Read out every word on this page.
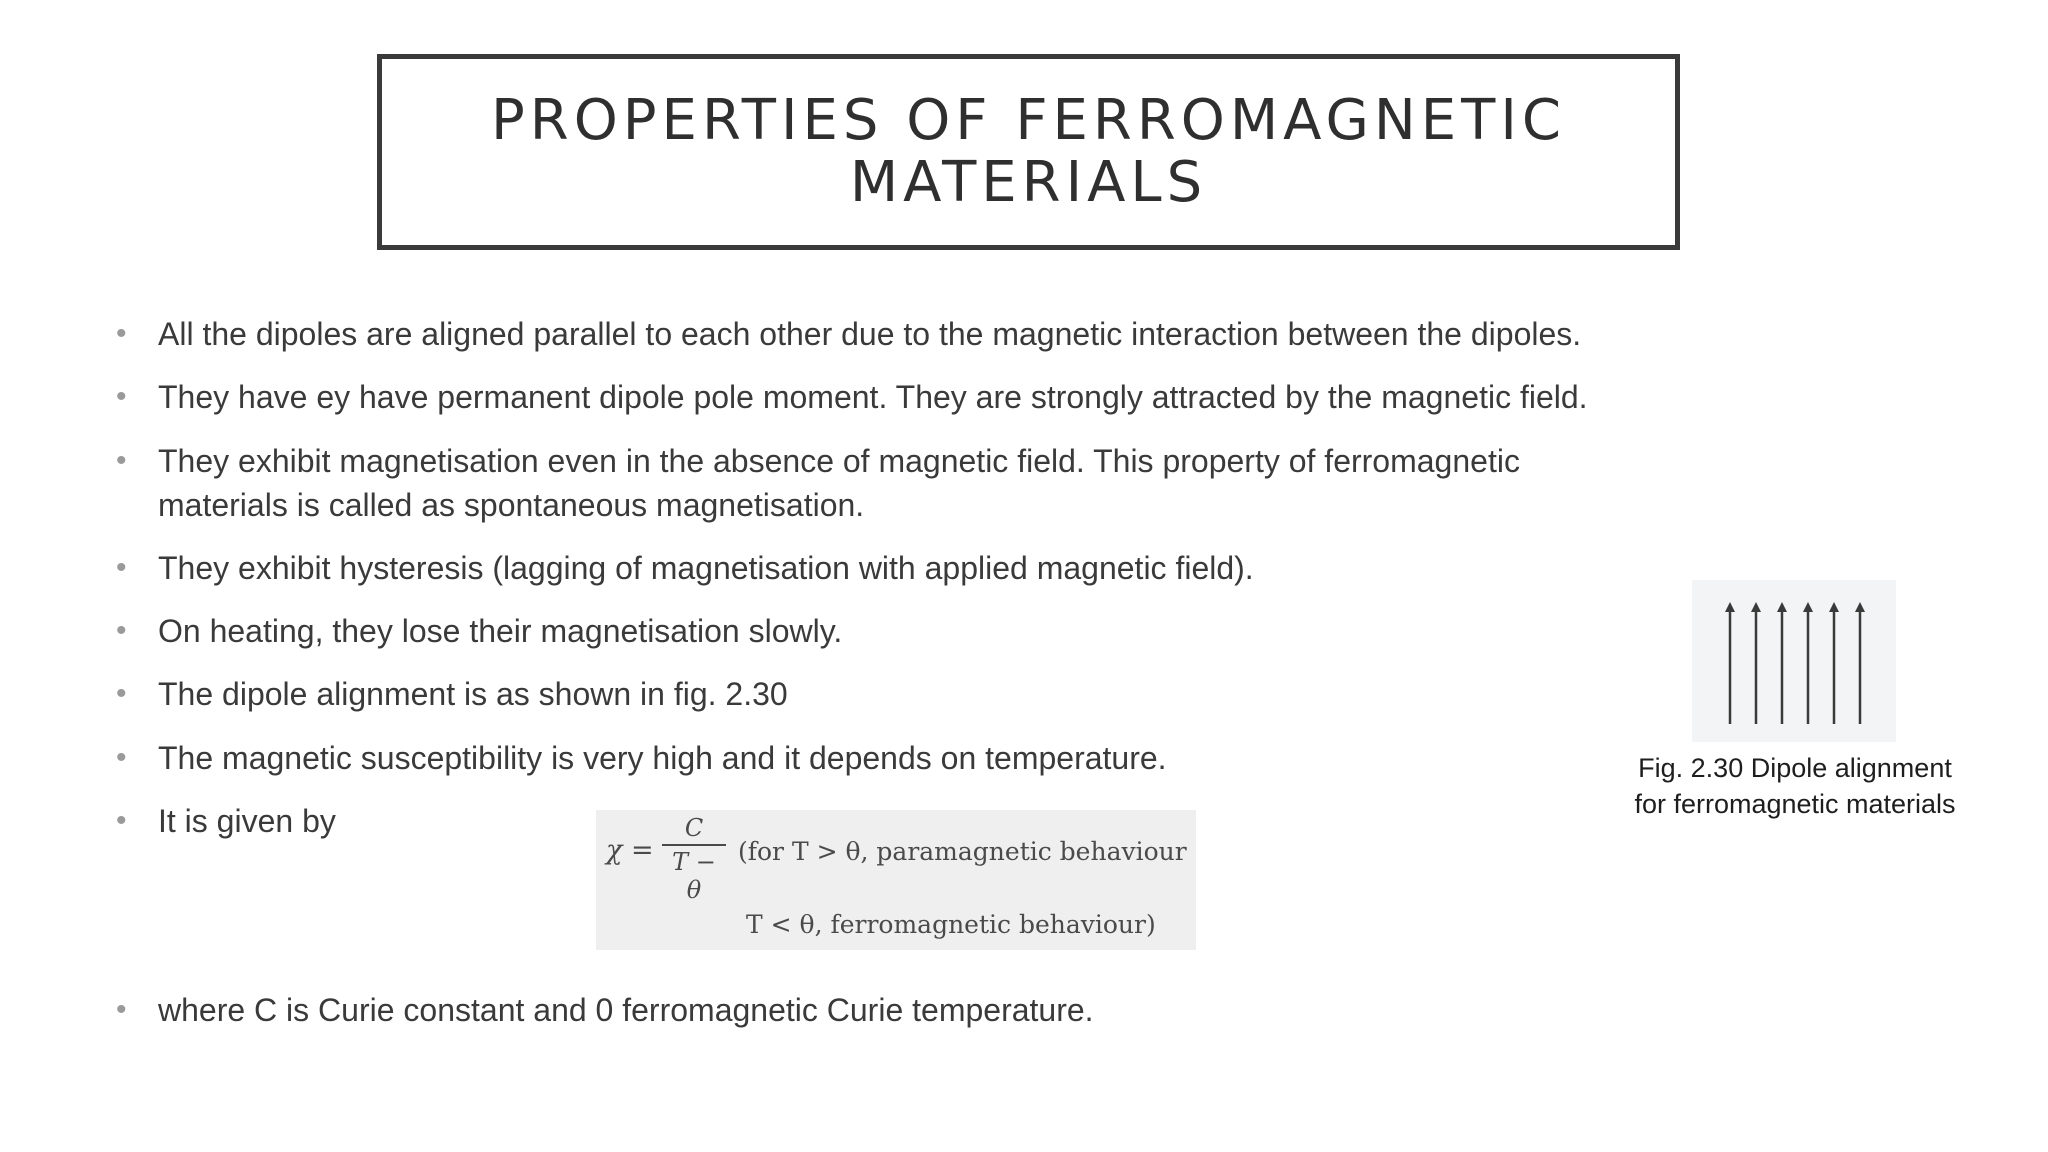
PROPERTIES OF FERROMAGNETIC
MATERIALS
• All the dipoles are aligned parallel to each other due to the magnetic interaction between the dipoles.
• They have ey have permanent dipole pole moment. They are strongly attracted by the magnetic field.
• They exhibit magnetisation even in the absence of magnetic field. This property of ferromagnetic materials is called as spontaneous magnetisation.
• They exhibit hysteresis (lagging of magnetisation with applied magnetic field).
• On heating, they lose their magnetisation slowly.
• The dipole alignment is as shown in fig. 2.30
• The magnetic susceptibility is very high and it depends on temperature.
• It is given by
• where C is Curie constant and 0 ferromagnetic Curie temperature.
$\chi = \frac{C}{T - \theta} (for$ T > θ, paramagnetic behaviour
T < θ, ferromagnetic behaviour)
Fig. 2.30 Dipole alignment
for ferromagnetic materials
